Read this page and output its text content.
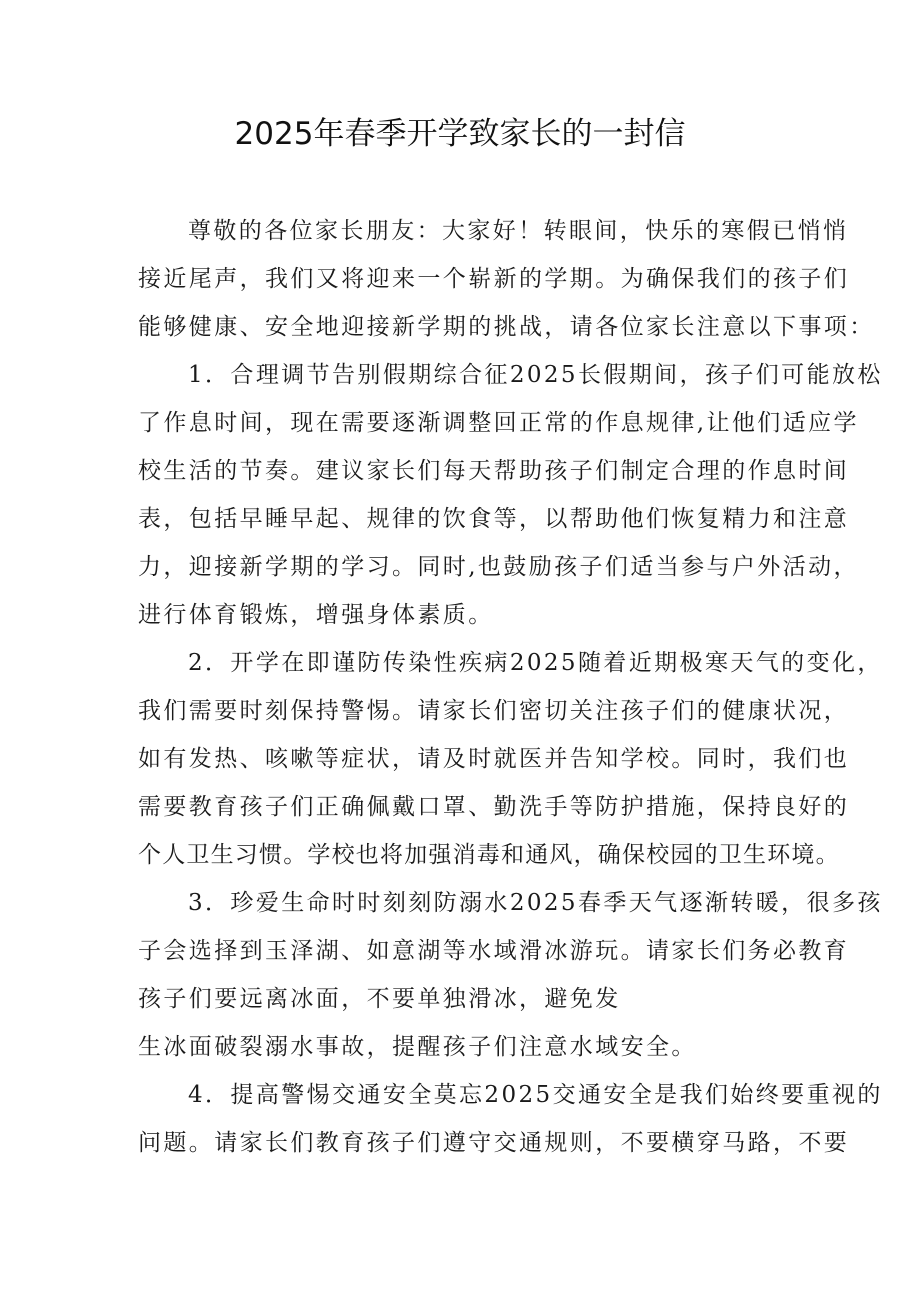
2025年春季开学致家长的一封信
尊敬的各位家长朋友：大家好！转眼间，快乐的寒假已悄悄
接近尾声，我们又将迎来一个崭新的学期。为确保我们的孩子们
能够健康、安全地迎接新学期的挑战，请各位家长注意以下事项：
1．合理调节告别假期综合征2025长假期间，孩子们可能放松
了作息时间，现在需要逐渐调整回正常的作息规律,让他们适应学
校生活的节奏。建议家长们每天帮助孩子们制定合理的作息时间
表，包括早睡早起、规律的饮食等，以帮助他们恢复精力和注意
力，迎接新学期的学习。同时,也鼓励孩子们适当参与户外活动，
进行体育锻炼，增强身体素质。
2．开学在即谨防传染性疾病2025随着近期极寒天气的变化，
我们需要时刻保持警惕。请家长们密切关注孩子们的健康状况，
如有发热、咳嗽等症状，请及时就医并告知学校。同时，我们也
需要教育孩子们正确佩戴口罩、勤洗手等防护措施，保持良好的
个人卫生习惯。学校也将加强消毒和通风，确保校园的卫生环境。
3．珍爱生命时时刻刻防溺水2025春季天气逐渐转暖，很多孩
子会选择到玉泽湖、如意湖等水域滑冰游玩。请家长们务必教育
孩子们要远离冰面，不要单独滑冰，避免发
生冰面破裂溺水事故，提醒孩子们注意水域安全。
4．提高警惕交通安全莫忘2025交通安全是我们始终要重视的
问题。请家长们教育孩子们遵守交通规则，不要横穿马路，不要
